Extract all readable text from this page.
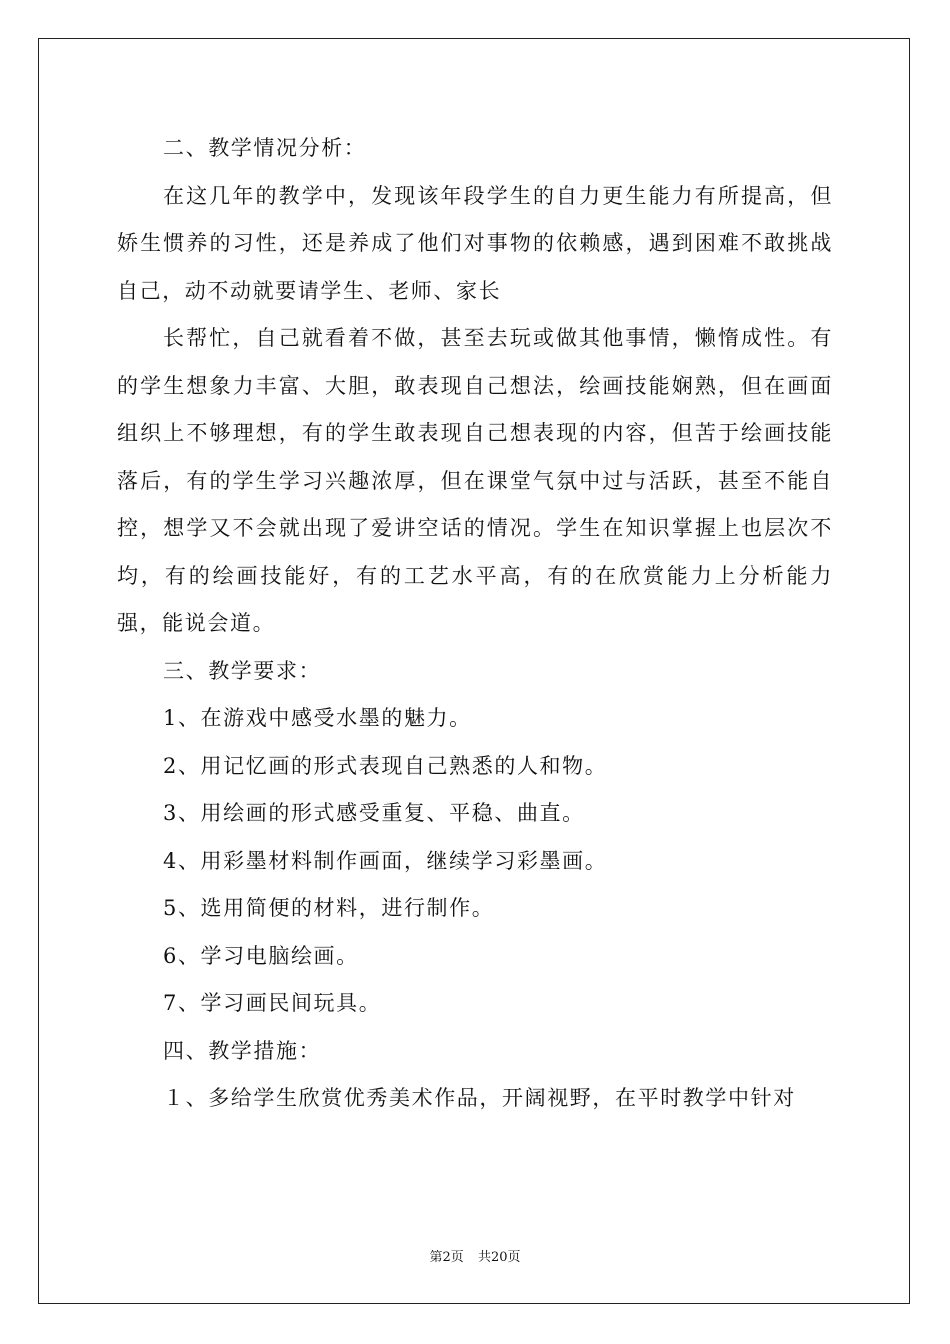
二、教学情况分析：

在这几年的教学中，发现该年段学生的自力更生能力有所提高，但娇生惯养的习性，还是养成了他们对事物的依赖感，遇到困难不敢挑战自己，动不动就要请学生、老师、家长

长帮忙，自己就看着不做，甚至去玩或做其他事情，懒惰成性。有的学生想象力丰富、大胆，敢表现自己想法，绘画技能娴熟，但在画面组织上不够理想，有的学生敢表现自己想表现的内容，但苦于绘画技能落后，有的学生学习兴趣浓厚，但在课堂气氛中过与活跃，甚至不能自控，想学又不会就出现了爱讲空话的情况。学生在知识掌握上也层次不均，有的绘画技能好，有的工艺水平高，有的在欣赏能力上分析能力强，能说会道。

三、教学要求：

1、在游戏中感受水墨的魅力。

2、用记忆画的形式表现自己熟悉的人和物。

3、用绘画的形式感受重复、平稳、曲直。

4、用彩墨材料制作画面，继续学习彩墨画。

5、选用简便的材料，进行制作。

6、学习电脑绘画。

7、学习画民间玩具。

四、教学措施：

１、多给学生欣赏优秀美术作品，开阔视野，在平时教学中针对

第2页 共20页
